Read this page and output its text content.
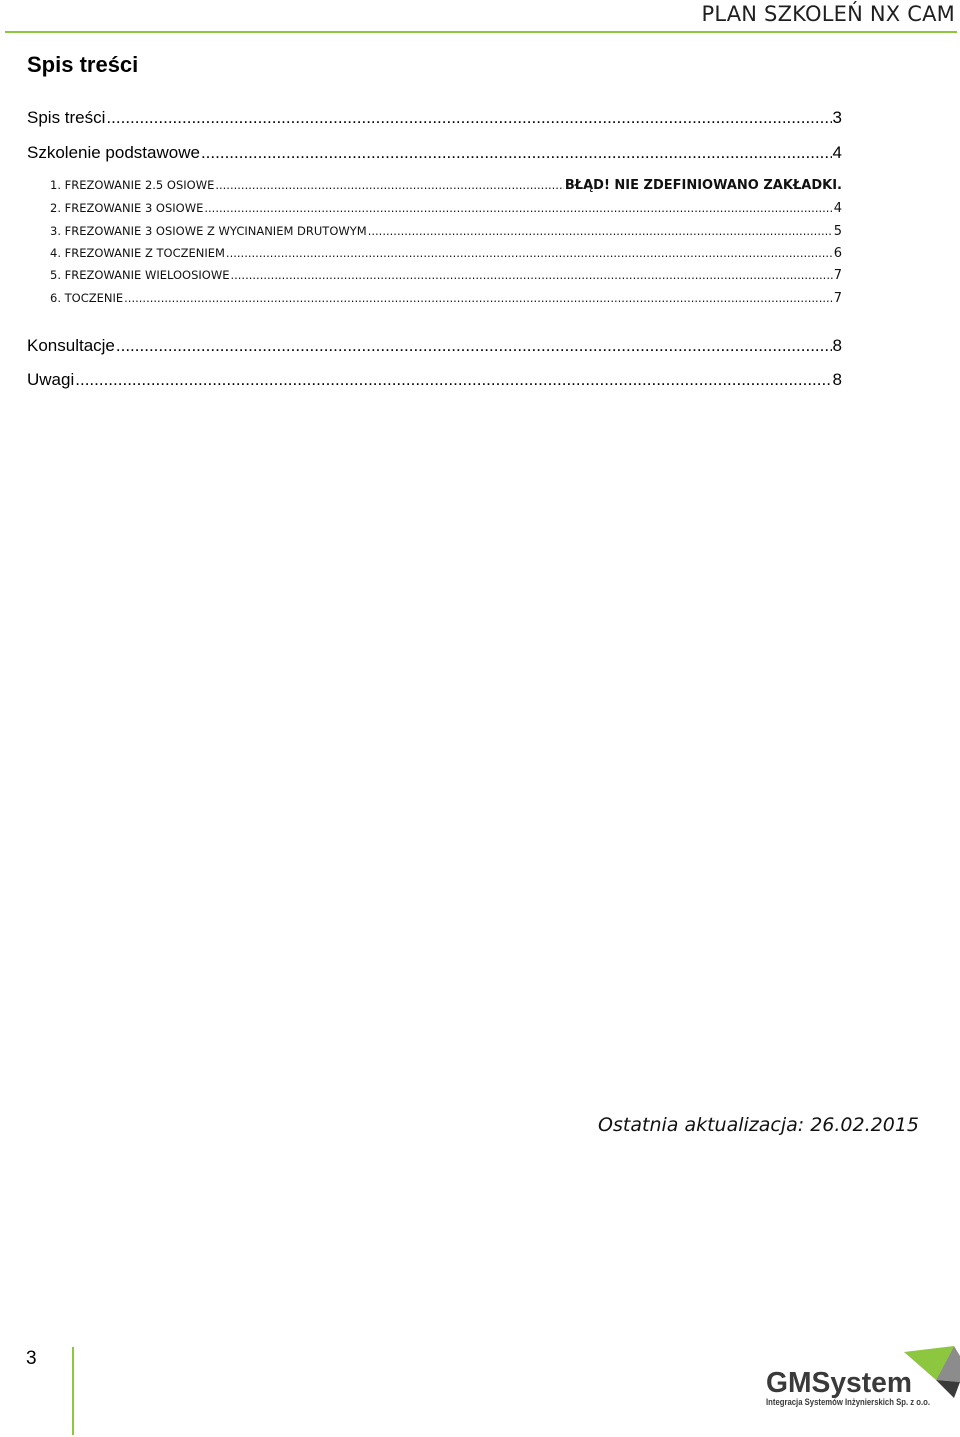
PLAN SZKOLEŃ NX CAM
Spis treści
Spis treści .....	3
Szkolenie podstawowe .....	4
1. FREZOWANIE 2.5 OSIOWE .....	BŁĄD! NIE ZDEFINIOWANO ZAKŁADKI.
2. FREZOWANIE 3 OSIOWE .....	4
3. FREZOWANIE 3 OSIOWE Z WYCINANIEM DRUTOWYM .....	5
4. FREZOWANIE Z TOCZENIEM .....	6
5. FREZOWANIE WIELOOSIOWE .....	7
6. TOCZENIE .....	7
Konsultacje .....	8
Uwagi .....	8
Ostatnia aktualizacja: 26.02.2015
3
GMSystem
Integracja Systemów Inżynierskich Sp. z o.o.
